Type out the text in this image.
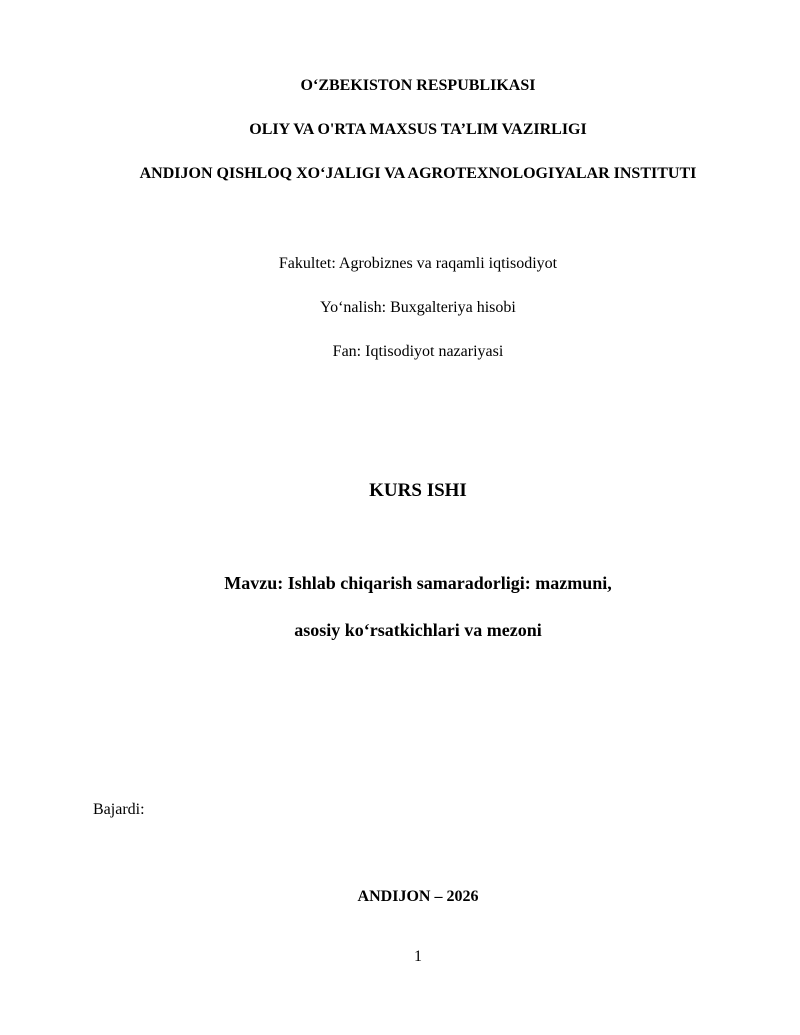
O‘ZBEKISTON RESPUBLIKASI
OLIY VA O'RTA MAXSUS TA’LIM VAZIRLIGI
ANDIJON QISHLOQ XO‘JALIGI VA AGROTEXNOLOGIYALAR INSTITUTI
Fakultet: Agrobiznes va raqamli iqtisodiyot
Yo‘nalish: Buxgalteriya hisobi
Fan: Iqtisodiyot nazariyasi
KURS ISHI
Mavzu: Ishlab chiqarish samaradorligi: mazmuni,
asosiy ko‘rsatkichlari va mezoni
Bajardi:
ANDIJON – 2026
1
